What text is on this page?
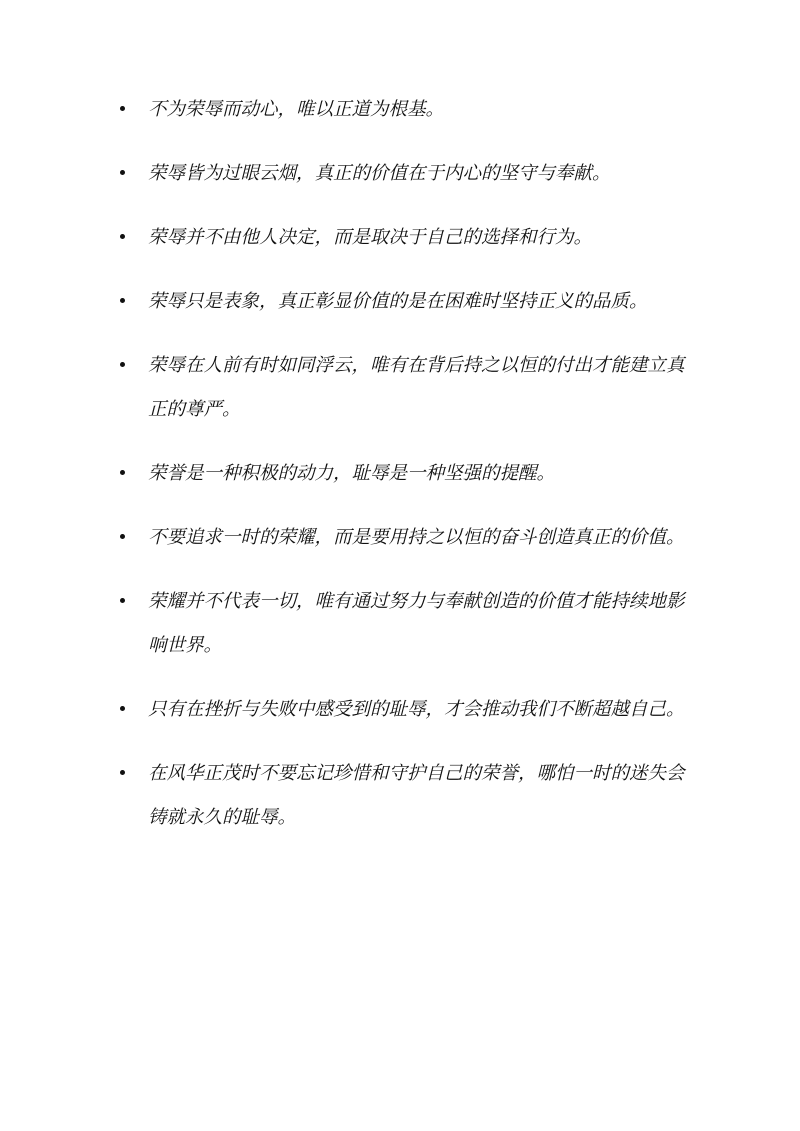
不为荣辱而动心，唯以正道为根基。
荣辱皆为过眼云烟，真正的价值在于内心的坚守与奉献。
荣辱并不由他人决定，而是取决于自己的选择和行为。
荣辱只是表象，真正彰显价值的是在困难时坚持正义的品质。
荣辱在人前有时如同浮云，唯有在背后持之以恒的付出才能建立真正的尊严。
荣誉是一种积极的动力，耻辱是一种坚强的提醒。
不要追求一时的荣耀，而是要用持之以恒的奋斗创造真正的价值。
荣耀并不代表一切，唯有通过努力与奉献创造的价值才能持续地影响世界。
只有在挫折与失败中感受到的耻辱，才会推动我们不断超越自己。
在风华正茂时不要忘记珍惜和守护自己的荣誉，哪怕一时的迷失会铸就永久的耻辱。
